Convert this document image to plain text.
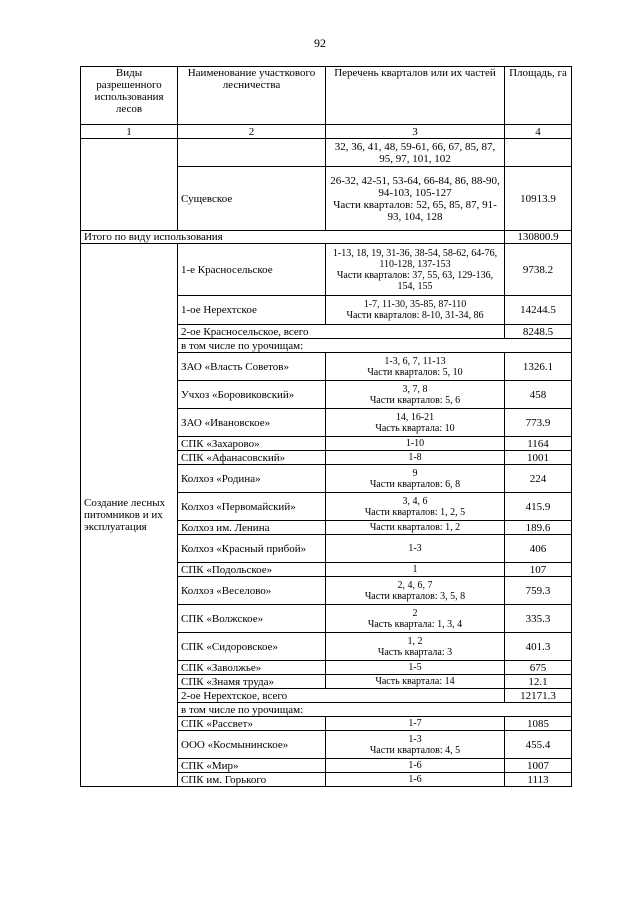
92
Виды разрешенного использования лесов	Наименование участкового лесничества	Перечень кварталов или их частей	Площадь, га
1	2	3	4
		32, 36, 41, 48, 59-61, 66, 67, 85, 87, 95, 97, 101, 102	
	Сущевское	26-32, 42-51, 53-64, 66-84, 86, 88-90, 94-103, 105-127
Части кварталов: 52, 65, 85, 87, 91-93, 104, 128	10913.9
Итого по виду использования			130800.9
Создание лесных питомников и их эксплуатация	1-е Красносельское	1-13, 18, 19, 31-36, 38-54, 58-62, 64-76, 110-128, 137-153
Части кварталов: 37, 55, 63, 129-136, 154, 155	9738.2
	1-ое Нерехтское	1-7, 11-30, 35-85, 87-110
Части кварталов: 8-10, 31-34, 86	14244.5
	2-ое Красносельское, всего		8248.5
	в том числе по урочищам:		
	ЗАО «Власть Советов»	1-3, 6, 7, 11-13
Части кварталов: 5, 10	1326.1
	Учхоз «Боровиковский»	3, 7, 8
Части кварталов: 5, 6	458
	ЗАО «Ивановское»	14, 16-21
Часть квартала: 10	773.9
	СПК «Захарово»	1-10	1164
	СПК «Афанасовский»	1-8	1001
	Колхоз «Родина»	9
Части кварталов: 6, 8	224
	Колхоз «Первомайский»	3, 4, 6
Части кварталов: 1, 2, 5	415.9
	Колхоз им. Ленина	Части кварталов: 1, 2	189.6
	Колхоз «Красный прибой»	1-3	406
	СПК «Подольское»	1	107
	Колхоз «Веселово»	2, 4, 6, 7
Части кварталов: 3, 5, 8	759.3
	СПК «Волжское»	2
Часть квартала: 1, 3, 4	335.3
	СПК «Сидоровское»	1, 2
Часть квартала: 3	401.3
	СПК «Заволжье»	1-5	675
	СПК «Знамя труда»	Часть квартала: 14	12.1
	2-ое Нерехтское, всего		12171.3
	в том числе по урочищам:		
	СПК «Рассвет»	1-7	1085
	ООО «Космынинское»	1-3
Части кварталов: 4, 5	455.4
	СПК «Мир»	1-6	1007
	СПК им. Горького	1-6	1113
